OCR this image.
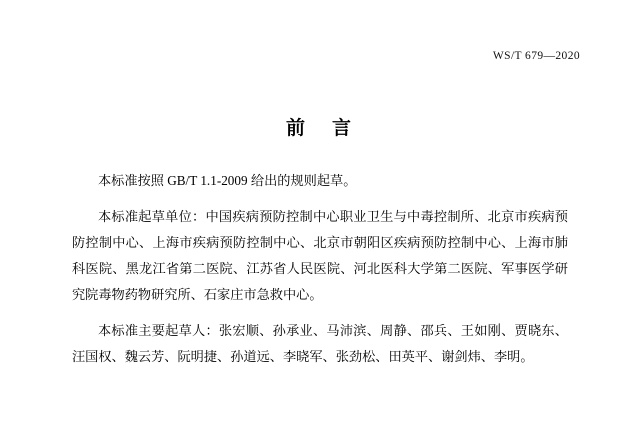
WS/T 679—2020
前 言

本标准按照 GB/T 1.1-2009 给出的规则起草。

本标准起草单位：中国疾病预防控制中心职业卫生与中毒控制所、北京市疾病预防控制中心、上海市疾病预防控制中心、北京市朝阳区疾病预防控制中心、上海市肺科医院、黑龙江省第二医院、江苏省人民医院、河北医科大学第二医院、军事医学研究院毒物药物研究所、石家庄市急救中心。

本标准主要起草人：张宏顺、孙承业、马沛滨、周静、邵兵、王如刚、贾晓东、汪国权、魏云芳、阮明捷、孙道远、李晓军、张劲松、田英平、谢剑炜、李明。
